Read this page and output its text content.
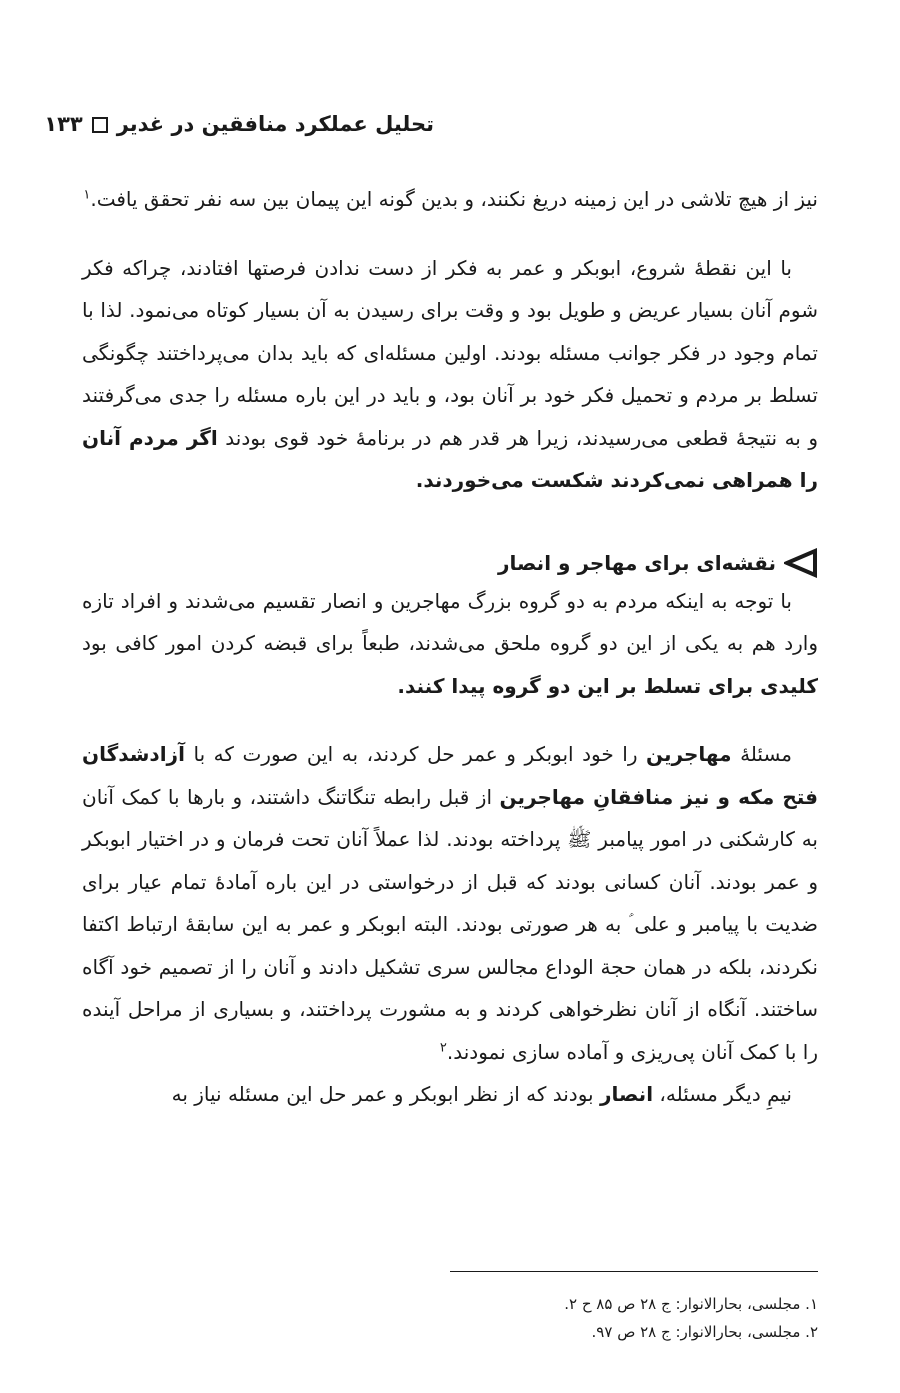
تحلیل عملکرد منافقین در غدیر۱۳۳

نیز از هیچ تلاشی در این زمینه دریغ نکنند، و بدین گونه این پیمان بین سه نفر تحقق یافت.$^۱$

با این نقطهٔ شروع، ابوبکر و عمر به فکر از دست ندادن فرصتها افتادند، چراکه فکر شوم آنان بسیار عریض و طویل بود و وقت برای رسیدن به آن بسیار کوتاه می‌نمود. لذا با تمام وجود در فکر جوانب مسئله بودند. اولین مسئله‌ای که باید بدان می‌پرداختند چگونگی تسلط بر مردم و تحمیل فکر خود بر آنان بود، و باید در این باره مسئله را جدی می‌گرفتند و به نتیجهٔ قطعی می‌رسیدند، زیرا هر قدر هم در برنامهٔ خود قوی بودند اگر مردم آنان را همراهی نمی‌کردند شکست می‌خوردند.

نقشه‌ای برای مهاجر و انصار

با توجه به اینکه مردم به دو گروه بزرگ مهاجرین و انصار تقسیم می‌شدند و افراد تازه وارد هم به یکی از این دو گروه ملحق می‌شدند، طبعاً برای قبضه کردن امور کافی بود کلیدی برای تسلط بر این دو گروه پیدا کنند.

مسئلهٔ مهاجرین را خود ابوبکر و عمر حل کردند، به این صورت که با آزادشدگان فتح مکه و نیز منافقانِ مهاجرین از قبل رابطه تنگاتنگ داشتند، و بارها با کمک آنان به کارشکنی در امور پیامبر ﷺ پرداخته بودند. لذا عملاً آنان تحت فرمان و در اختیار ابوبکر و عمر بودند. آنان کسانی بودند که قبل از درخواستی در این باره آمادهٔ تمام عیار برای ضدیت با پیامبر و علی ؑ به هر صورتی بودند. البته ابوبکر و عمر به این سابقهٔ ارتباط اکتفا نکردند، بلکه در همان حجة الوداع مجالس سری تشکیل دادند و آنان را از تصمیم خود آگاه ساختند. آنگاه از آنان نظرخواهی کردند و به مشورت پرداختند، و بسیاری از مراحل آینده را با کمک آنان پی‌ریزی و آماده سازی نمودند.$^۲$

نیمِ دیگر مسئله، انصار بودند که از نظر ابوبکر و عمر حل این مسئله نیاز به

۱. مجلسی، بحارالانوار: ج ۲۸ ص ۸۵ ح ۲.
۲. مجلسی، بحارالانوار: ج ۲۸ ص ۹۷.
